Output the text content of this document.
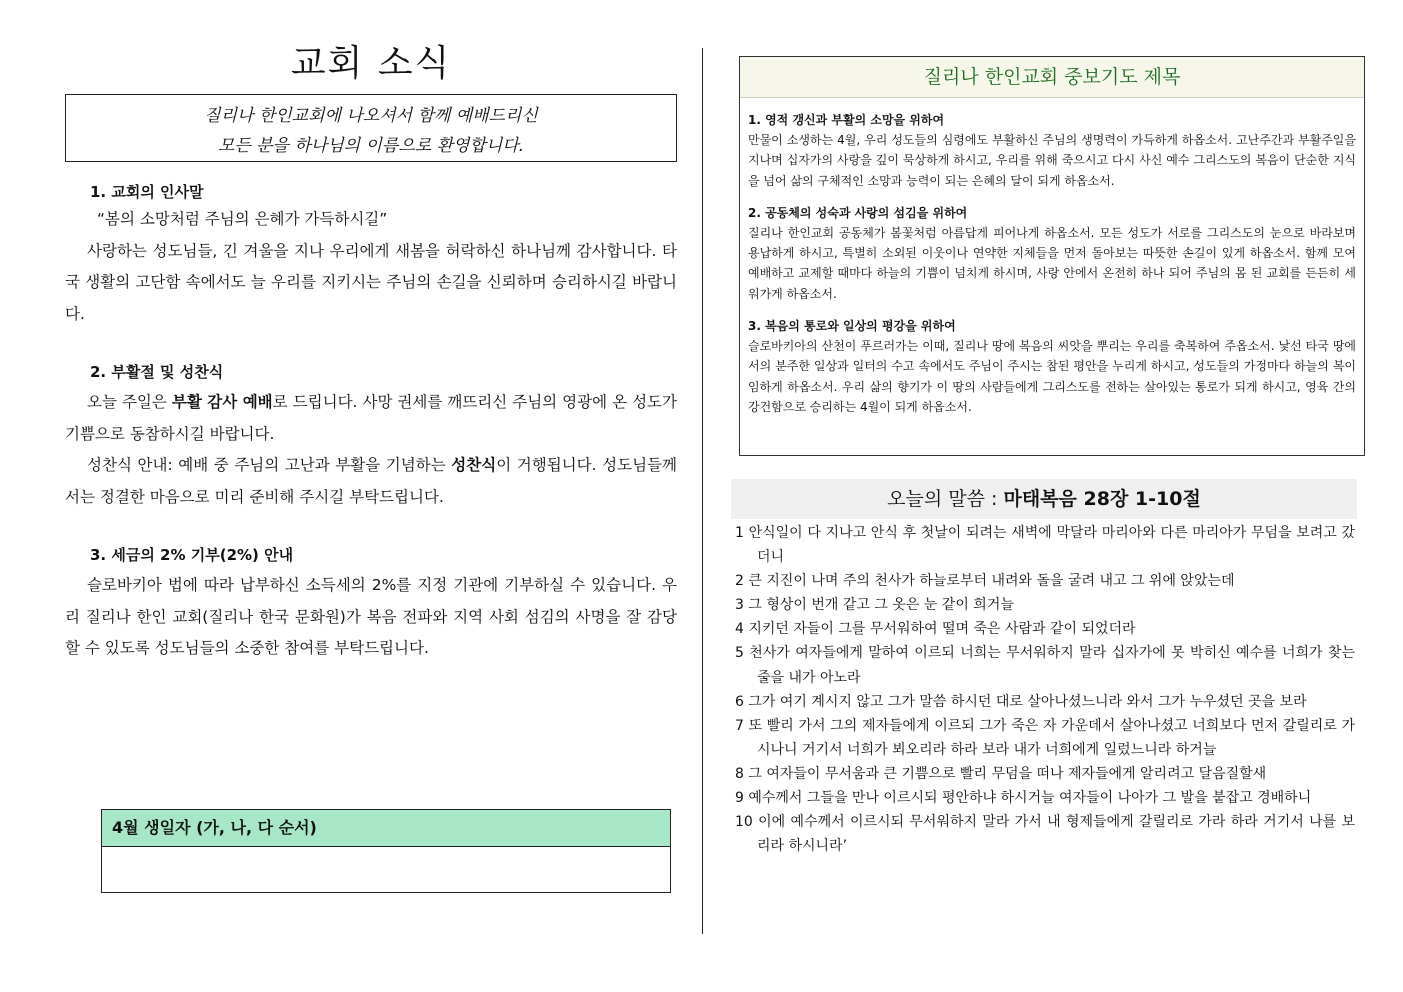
교회 소식
질리나 한인교회에 나오셔서 함께 예배드리신
모든 분을 하나님의 이름으로 환영합니다.
1. 교회의 인사말
“봄의 소망처럼 주님의 은혜가 가득하시길”

사랑하는 성도님들, 긴 겨울을 지나 우리에게 새봄을 허락하신 하나님께 감사합니다. 타국 생활의 고단함 속에서도 늘 우리를 지키시는 주님의 손길을 신뢰하며 승리하시길 바랍니다.

2. 부활절 및 성찬식

오늘 주일은 부활 감사 예배로 드립니다. 사망 권세를 깨뜨리신 주님의 영광에 온 성도가 기쁨으로 동참하시길 바랍니다.

성찬식 안내: 예배 중 주님의 고난과 부활을 기념하는 성찬식이 거행됩니다. 성도님들께서는 정결한 마음으로 미리 준비해 주시길 부탁드립니다.

3. 세금의 2% 기부(2%) 안내

슬로바키아 법에 따라 납부하신 소득세의 2%를 지정 기관에 기부하실 수 있습니다. 우리 질리나 한인 교회(질리나 한국 문화원)가 복음 전파와 지역 사회 섬김의 사명을 잘 감당할 수 있도록 성도님들의 소중한 참여를 부탁드립니다.

4월 생일자 (가, 나, 다 순서)
질리나 한인교회 중보기도 제목
1. 영적 갱신과 부활의 소망을 위하여
만물이 소생하는 4월, 우리 성도들의 심령에도 부활하신 주님의 생명력이 가득하게 하옵소서. 고난주간과 부활주일을 지나며 십자가의 사랑을 깊이 묵상하게 하시고, 우리를 위해 죽으시고 다시 사신 예수 그리스도의 복음이 단순한 지식을 넘어 삶의 구체적인 소망과 능력이 되는 은혜의 달이 되게 하옵소서.
2. 공동체의 성숙과 사랑의 섬김을 위하여
질리나 한인교회 공동체가 봄꽃처럼 아름답게 피어나게 하옵소서. 모든 성도가 서로를 그리스도의 눈으로 바라보며 용납하게 하시고, 특별히 소외된 이웃이나 연약한 지체들을 먼저 돌아보는 따뜻한 손길이 있게 하옵소서. 함께 모여 예배하고 교제할 때마다 하늘의 기쁨이 넘치게 하시며, 사랑 안에서 온전히 하나 되어 주님의 몸 된 교회를 든든히 세워가게 하옵소서.
3. 복음의 통로와 일상의 평강을 위하여
슬로바키아의 산천이 푸르러가는 이때, 질리나 땅에 복음의 씨앗을 뿌리는 우리를 축복하여 주옵소서. 낯선 타국 땅에서의 분주한 일상과 일터의 수고 속에서도 주님이 주시는 참된 평안을 누리게 하시고, 성도들의 가정마다 하늘의 복이 임하게 하옵소서. 우리 삶의 향기가 이 땅의 사람들에게 그리스도를 전하는 살아있는 통로가 되게 하시고, 영육 간의 강건함으로 승리하는 4월이 되게 하옵소서.
오늘의 말씀 : 마태복음 28장 1-10절
1 안식일이 다 지나고 안식 후 첫날이 되려는 새벽에 막달라 마리아와 다른 마리아가 무덤을 보려고 갔더니
2 큰 지진이 나며 주의 천사가 하늘로부터 내려와 돌을 굴려 내고 그 위에 앉았는데
3 그 형상이 번개 같고 그 옷은 눈 같이 희거늘
4 지키던 자들이 그를 무서워하여 떨며 죽은 사람과 같이 되었더라
5 천사가 여자들에게 말하여 이르되 너희는 무서워하지 말라 십자가에 못 박히신 예수를 너희가 찾는 줄을 내가 아노라
6 그가 여기 계시지 않고 그가 말씀 하시던 대로 살아나셨느니라 와서 그가 누우셨던 곳을 보라
7 또 빨리 가서 그의 제자들에게 이르되 그가 죽은 자 가운데서 살아나셨고 너희보다 먼저 갈릴리로 가시나니 거기서 너희가 뵈오리라 하라 보라 내가 너희에게 일렀느니라 하거늘
8 그 여자들이 무서움과 큰 기쁨으로 빨리 무덤을 떠나 제자들에게 알리려고 달음질할새
9 예수께서 그들을 만나 이르시되 평안하냐 하시거늘 여자들이 나아가 그 발을 붙잡고 경배하니
10 이에 예수께서 이르시되 무서워하지 말라 가서 내 형제들에게 갈릴리로 가라 하라 거기서 나를 보리라 하시니라’
